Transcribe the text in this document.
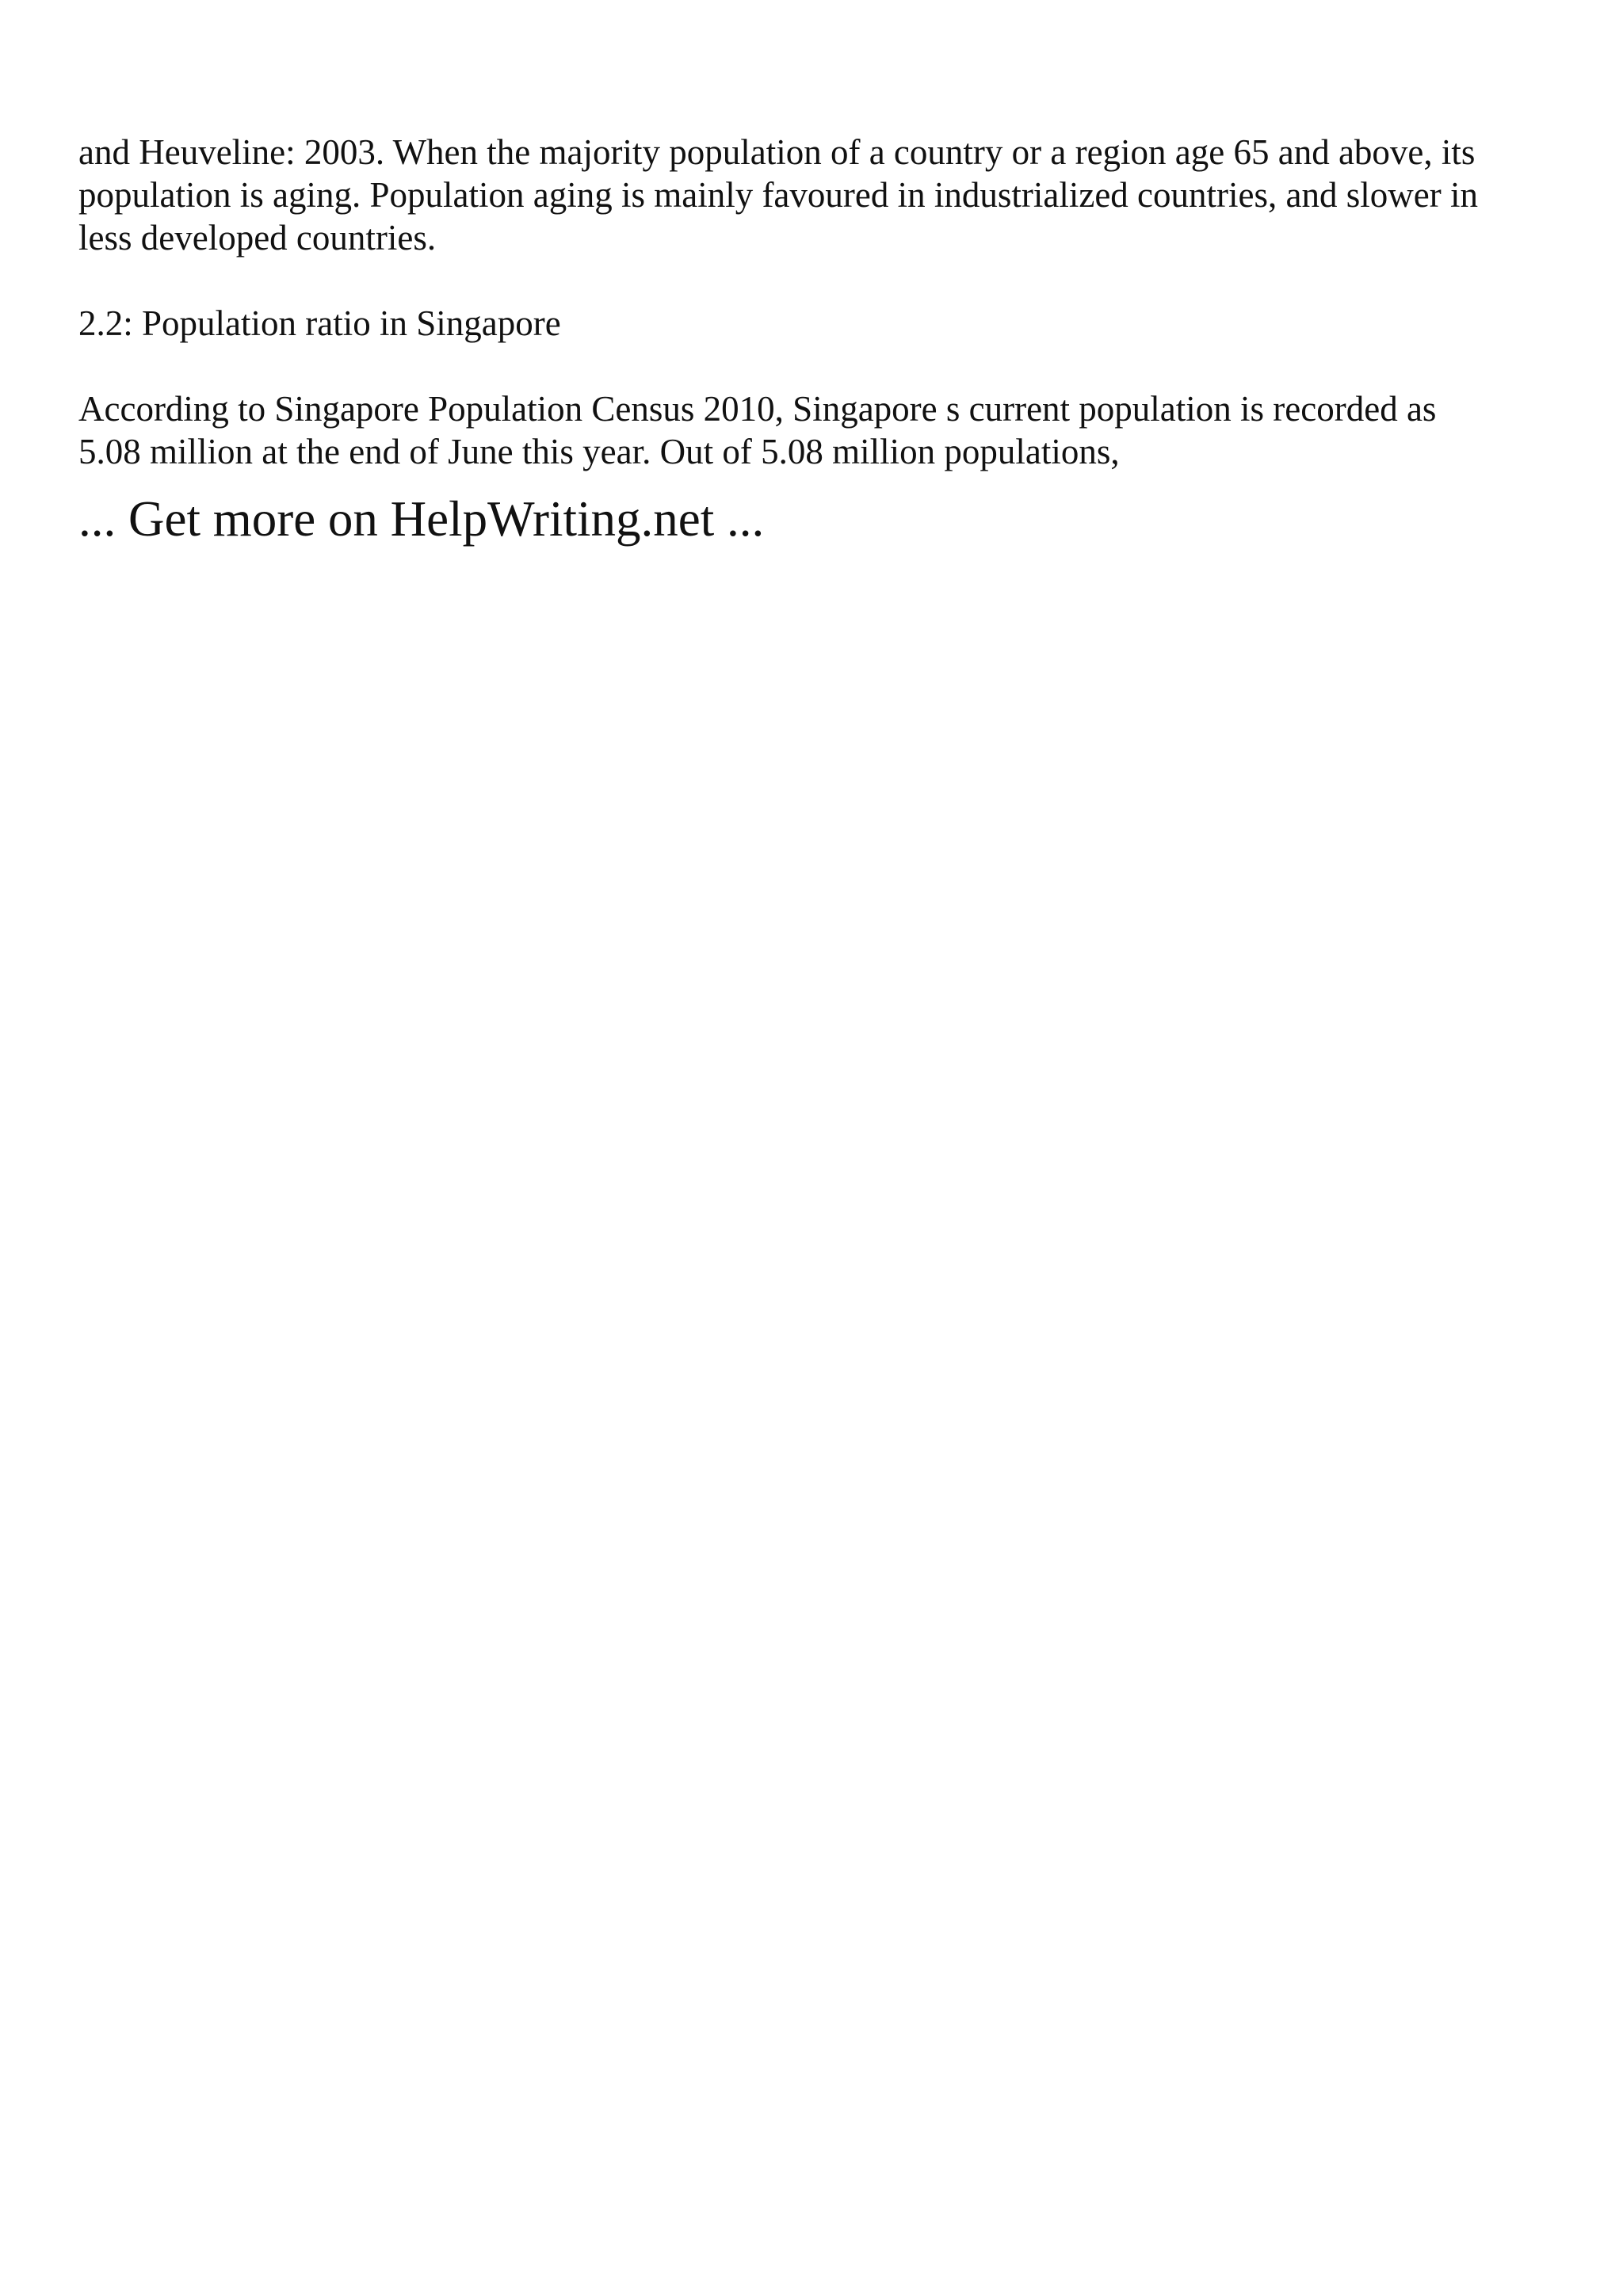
and Heuveline: 2003. When the majority population of a country or a region age 65 and above, its
population is aging. Population aging is mainly favoured in industrialized countries, and slower in
less developed countries.

2.2: Population ratio in Singapore

According to Singapore Population Census 2010, Singapore s current population is recorded as
5.08 million at the end of June this year. Out of 5.08 million populations,

... Get more on HelpWriting.net ...
